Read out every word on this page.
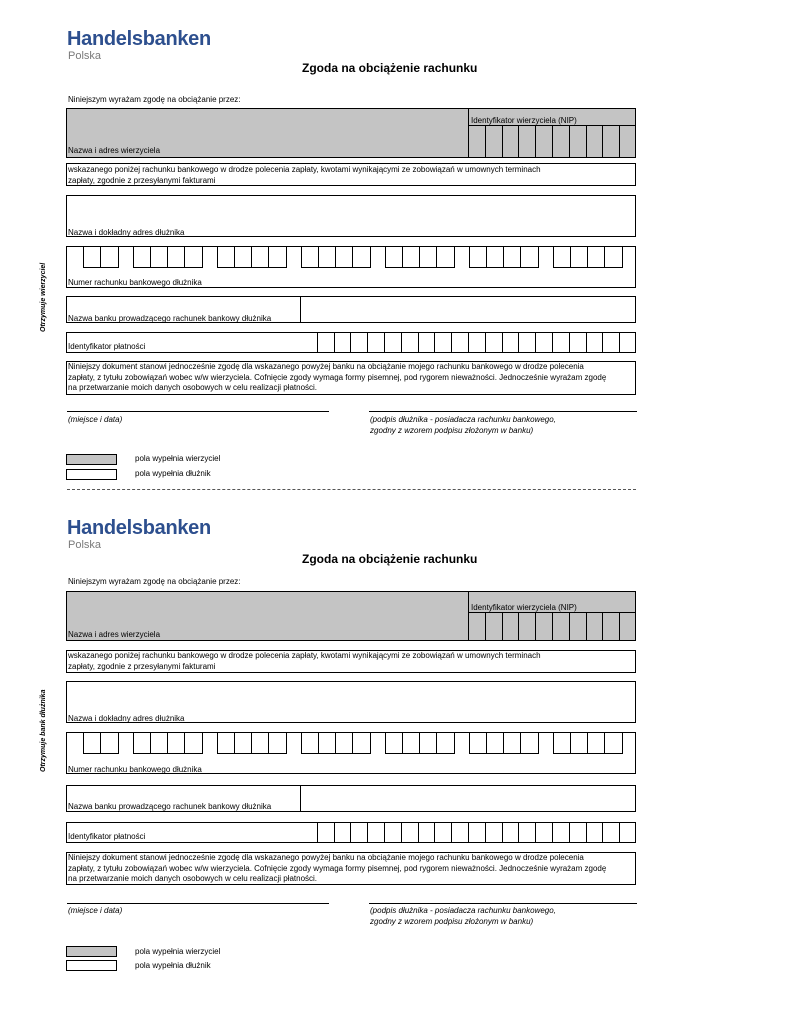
Otrzymuje wierzyciel
Handelsbanken
Polska
Zgoda na obciążenie rachunku
Niniejszym wyrażam zgodę na obciążanie przez:
Nazwa i adres wierzyciela
Identyfikator wierzyciela (NIP)
wskazanego poniżej rachunku bankowego w drodze polecenia zapłaty, kwotami wynikającymi ze zobowiązań w umownych terminach zapłaty, zgodnie z przesyłanymi fakturami
Nazwa i dokładny adres dłużnika
Numer rachunku bankowego dłużnika
Nazwa banku prowadzącego rachunek bankowy dłużnika
Identyfikator płatności
Niniejszy dokument stanowi jednocześnie zgodę dla wskazanego powyżej banku na obciążanie mojego rachunku bankowego w drodze polecenia zapłaty, z tytułu zobowiązań wobec w/w wierzyciela. Cofnięcie zgody wymaga formy pisemnej, pod rygorem nieważności. Jednocześnie wyrażam zgodę na przetwarzanie moich danych osobowych w celu realizacji płatności.
(miejsce i data)	(podpis dłużnika - posiadacza rachunku bankowego,
zgodny z wzorem podpisu złożonym w banku)
pola wypełnia wierzyciel
pola wypełnia dłużnik
Otrzymuje bank dłużnika
Handelsbanken
Polska
Zgoda na obciążenie rachunku
Niniejszym wyrażam zgodę na obciążanie przez:
Nazwa i adres wierzyciela
Identyfikator wierzyciela (NIP)
wskazanego poniżej rachunku bankowego w drodze polecenia zapłaty, kwotami wynikającymi ze zobowiązań w umownych terminach zapłaty, zgodnie z przesyłanymi fakturami
Nazwa i dokładny adres dłużnika
Numer rachunku bankowego dłużnika
Nazwa banku prowadzącego rachunek bankowy dłużnika
Identyfikator płatności
Niniejszy dokument stanowi jednocześnie zgodę dla wskazanego powyżej banku na obciążanie mojego rachunku bankowego w drodze polecenia zapłaty, z tytułu zobowiązań wobec w/w wierzyciela. Cofnięcie zgody wymaga formy pisemnej, pod rygorem nieważności. Jednocześnie wyrażam zgodę na przetwarzanie moich danych osobowych w celu realizacji płatności.
(miejsce i data)	(podpis dłużnika - posiadacza rachunku bankowego,
zgodny z wzorem podpisu złożonym w banku)
pola wypełnia wierzyciel
pola wypełnia dłużnik
